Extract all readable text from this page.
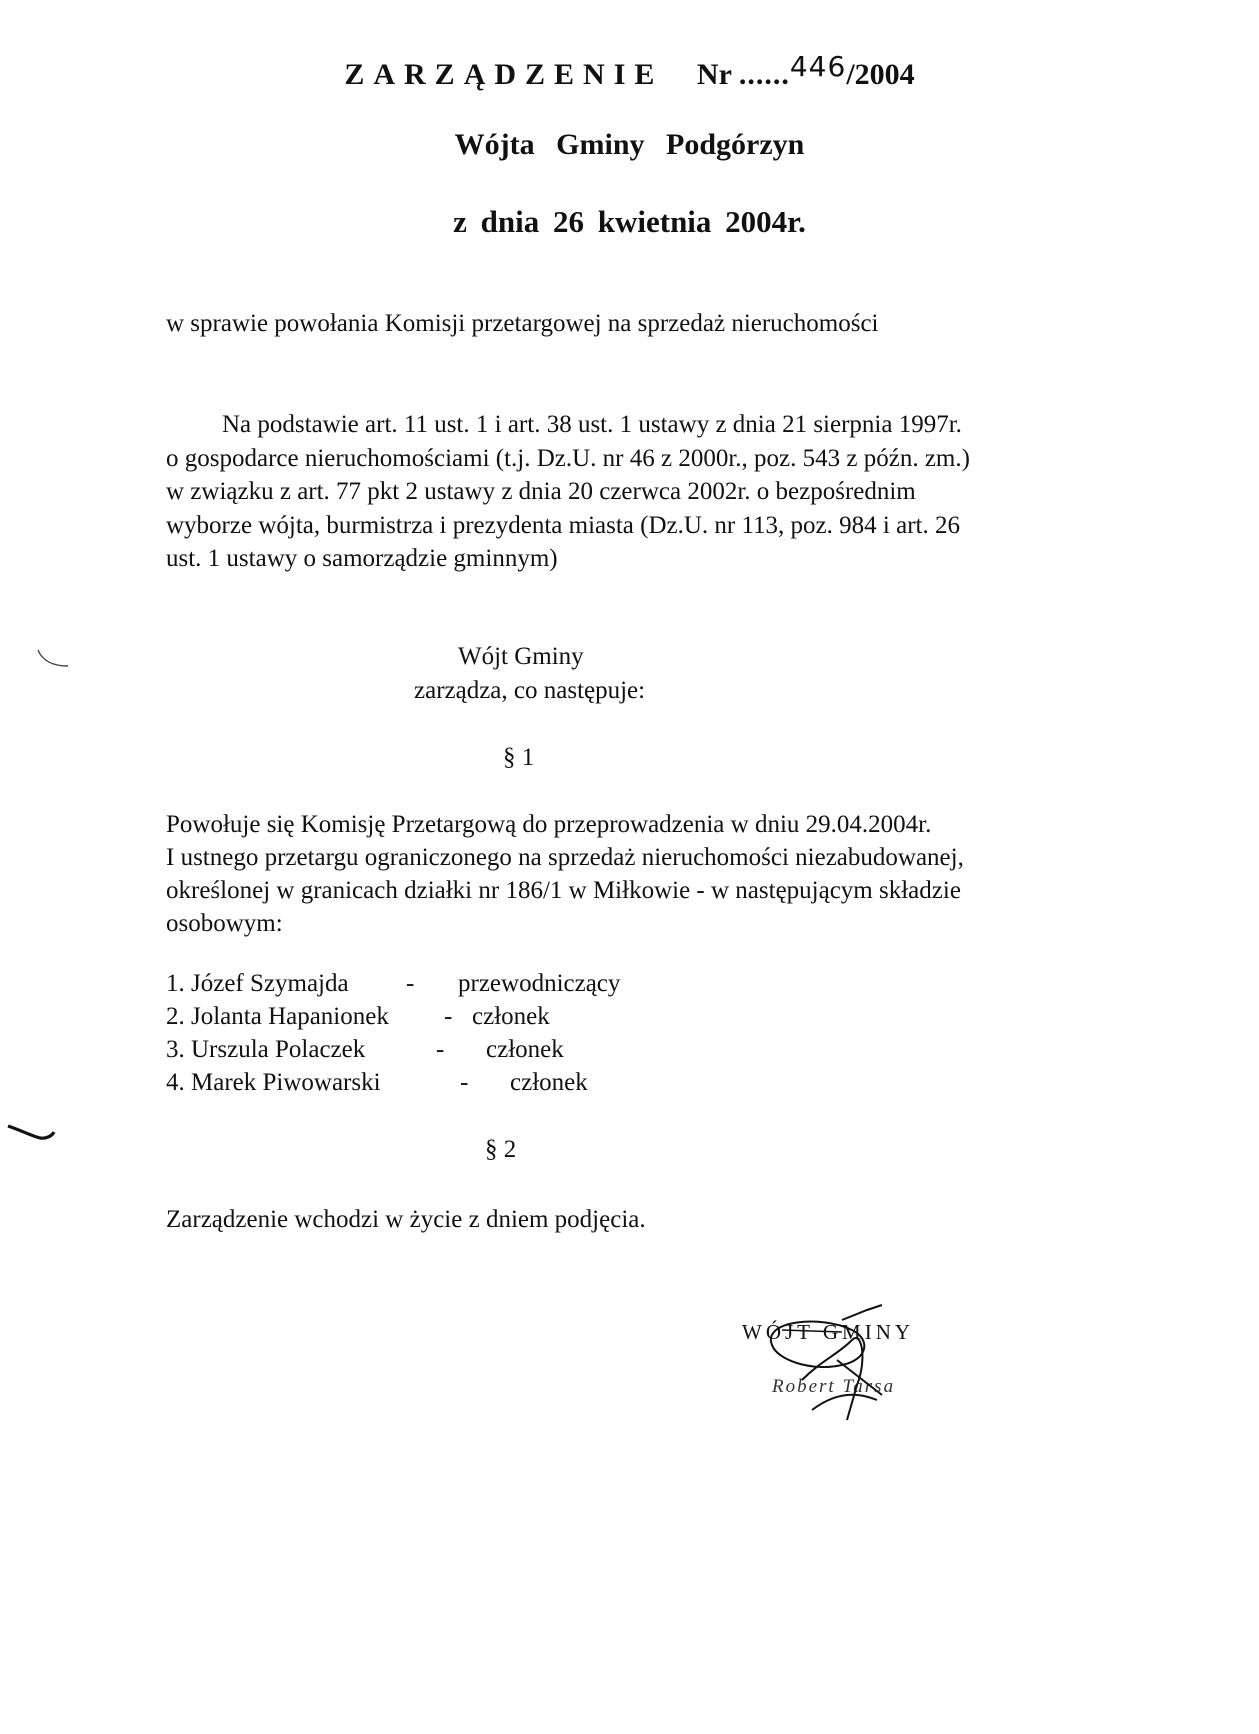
ZARZĄDZENIE Nr ......446/2004
Wójta Gminy Podgórzyn
z dnia 26 kwietnia 2004r.
w sprawie powołania Komisji przetargowej na sprzedaż nieruchomości
Na podstawie art. 11 ust. 1 i art. 38 ust. 1 ustawy z dnia 21 sierpnia 1997r.
o gospodarce nieruchomościami (t.j. Dz.U. nr 46 z 2000r., poz. 543 z późn. zm.)
w związku z art. 77 pkt 2 ustawy z dnia 20 czerwca 2002r. o bezpośrednim
wyborze wójta, burmistrza i prezydenta miasta (Dz.U. nr 113, poz. 984 i art. 26
ust. 1 ustawy o samorządzie gminnym)
Wójt Gminy
zarządza, co następuje:
§ 1
Powołuje się Komisję Przetargową do przeprowadzenia w dniu 29.04.2004r.
I ustnego przetargu ograniczonego na sprzedaż nieruchomości niezabudowanej,
określonej w granicach działki nr 186/1 w Miłkowie - w następującym składzie
osobowym:
1. Józef Szymajda - przewodniczący
2. Jolanta Hapanionek - członek
3. Urszula Polaczek	- członek
4. Marek Piwowarski	- członek
§ 2
Zarządzenie wchodzi w życie z dniem podjęcia.
WÓJT GMINY
Robert Tarsa
